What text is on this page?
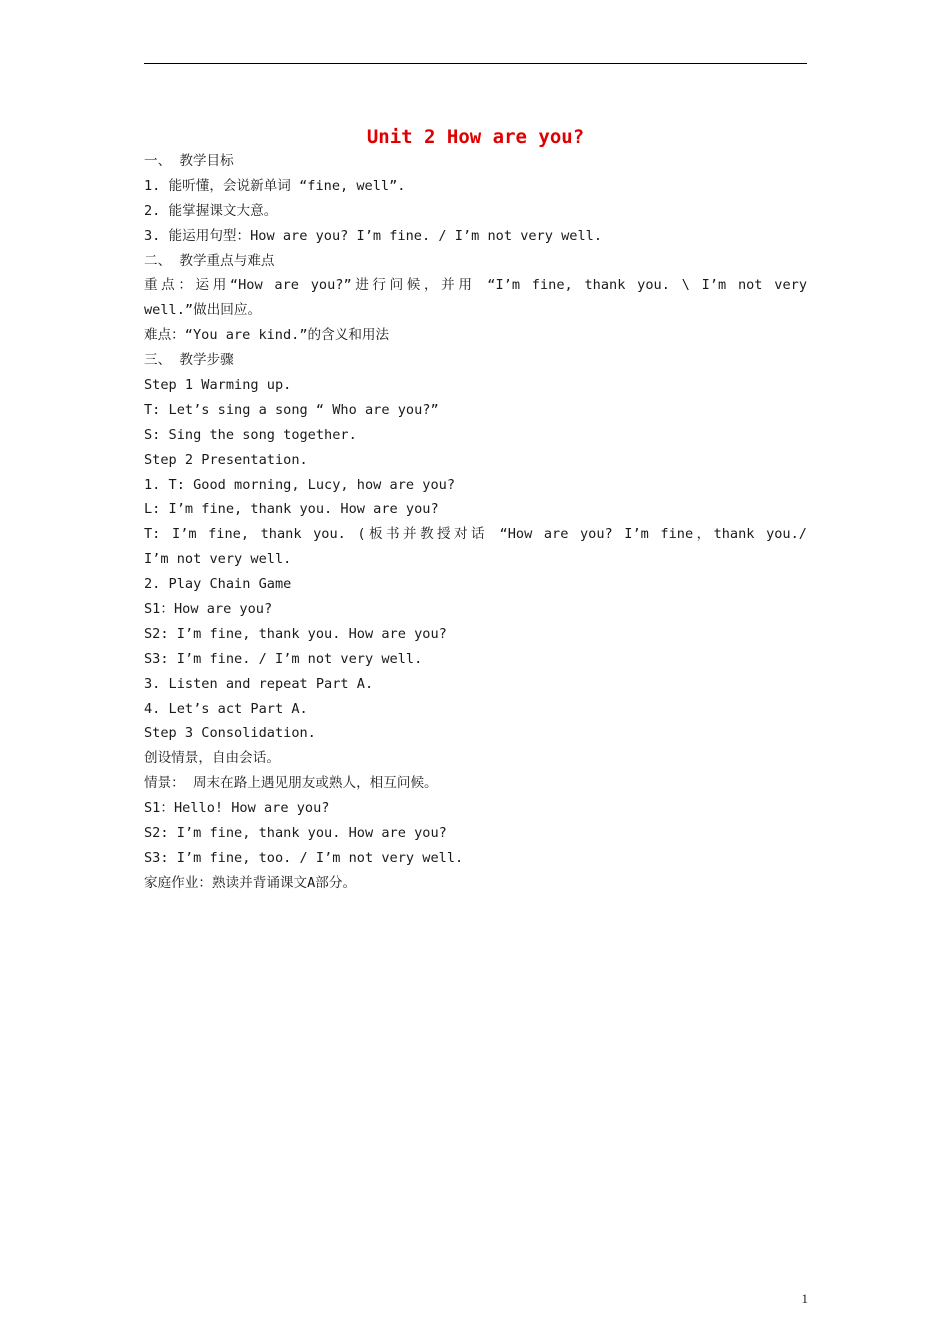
Unit 2 How are you?
一、 教学目标
1. 能听懂，会说新单词 “fine, well”.
2. 能掌握课文大意。
3. 能运用句型：How are you? I’m fine. / I’m not very well.
二、 教学重点与难点
重点：运用“How are you?”进行问候，并用 “I’m fine, thank you. \ I’m not very
well.”做出回应。
难点：“You are kind.”的含义和用法
三、 教学步骤
Step 1 Warming up.
T: Let’s sing a song “ Who are you?”
S: Sing the song together.
Step 2 Presentation.
1. T: Good morning, Lucy, how are you?
L: I’m fine, thank you. How are you?
T: I’m fine, thank you. (板书并教授对话 “How are you? I’m fine，thank you./
I’m not very well.
2. Play Chain Game
S1：How are you?
S2: I’m fine, thank you. How are you?
S3: I’m fine. / I’m not very well.
3. Listen and repeat Part A.
4. Let’s act Part A.
Step 3 Consolidation.
创设情景，自由会话。
情景： 周末在路上遇见朋友或熟人，相互问候。
S1：Hello! How are you?
S2: I’m fine, thank you. How are you?
S3: I’m fine, too. / I’m not very well.
家庭作业：熟读并背诵课文A部分。
1
